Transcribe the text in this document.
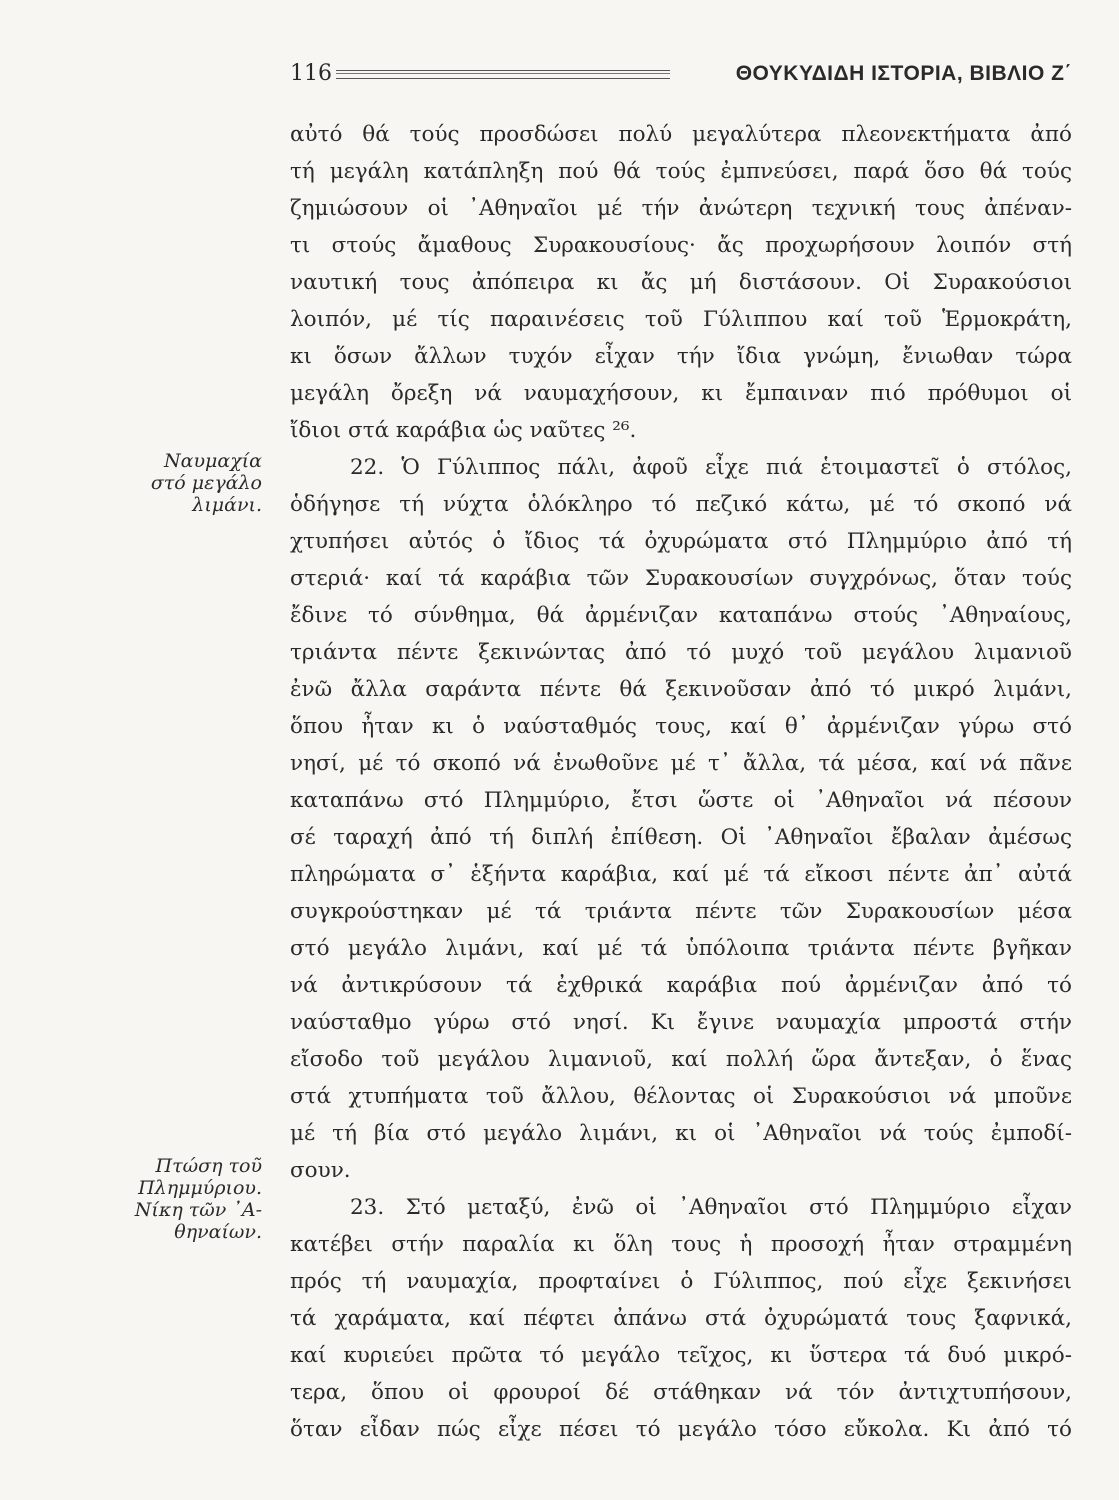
116	ΘΟΥΚΥΔΙΔΗ ΙΣΤΟΡΙΑ, ΒΙΒΛΙΟ Ζ΄
Ναυμαχία
στό μεγάλο
λιμάνι.
Πτώση τοῦ
Πλημμύριου.
Νίκη τῶν ᾽Α-
θηναίων.
αὐτό θά τούς προσδώσει πολύ μεγαλύτερα πλεονεκτήματα ἀπό
τή μεγάλη κατάπληξη πού θά τούς ἐμπνεύσει, παρά ὅσο θά τούς
ζημιώσουν οἱ ᾽Αθηναῖοι μέ τήν ἀνώτερη τεχνική τους ἀπέναν-
τι στούς ἄμαθους Συρακουσίους· ἄς προχωρήσουν λοιπόν στή
ναυτική τους ἀπόπειρα κι ἄς μή διστάσουν. Οἱ Συρακούσιοι
λοιπόν, μέ τίς παραινέσεις τοῦ Γύλιππου καί τοῦ Ἑρμοκράτη,
κι ὅσων ἄλλων τυχόν εἶχαν τήν ἴδια γνώμη, ἔνιωθαν τώρα
μεγάλη ὄρεξη νά ναυμαχήσουν, κι ἔμπαιναν πιό πρόθυμοι οἱ
ἴδιοι στά καράβια ὡς ναῦτες ²⁶.
22. Ὁ Γύλιππος πάλι, ἀφοῦ εἶχε πιά ἑτοιμαστεῖ ὁ στόλος,
ὁδήγησε τή νύχτα ὁλόκληρο τό πεζικό κάτω, μέ τό σκοπό νά
χτυπήσει αὐτός ὁ ἴδιος τά ὀχυρώματα στό Πλημμύριο ἀπό τή
στεριά· καί τά καράβια τῶν Συρακουσίων συγχρόνως, ὅταν τούς
ἔδινε τό σύνθημα, θά ἀρμένιζαν καταπάνω στούς ᾽Αθηναίους,
τριάντα πέντε ξεκινώντας ἀπό τό μυχό τοῦ μεγάλου λιμανιοῦ
ἐνῶ ἄλλα σαράντα πέντε θά ξεκινοῦσαν ἀπό τό μικρό λιμάνι,
ὅπου ἦταν κι ὁ ναύσταθμός τους, καί θ᾽ ἀρμένιζαν γύρω στό
νησί, μέ τό σκοπό νά ἑνωθοῦνε μέ τ᾽ ἄλλα, τά μέσα, καί νά πᾶνε
καταπάνω στό Πλημμύριο, ἔτσι ὥστε οἱ ᾽Αθηναῖοι νά πέσουν
σέ ταραχή ἀπό τή διπλή ἐπίθεση. Οἱ ᾽Αθηναῖοι ἔβαλαν ἀμέσως
πληρώματα σ᾽ ἑξήντα καράβια, καί μέ τά εἴκοσι πέντε ἀπ᾽ αὐτά
συγκρούστηκαν μέ τά τριάντα πέντε τῶν Συρακουσίων μέσα
στό μεγάλο λιμάνι, καί μέ τά ὑπόλοιπα τριάντα πέντε βγῆκαν
νά ἀντικρύσουν τά ἐχθρικά καράβια πού ἀρμένιζαν ἀπό τό
ναύσταθμο γύρω στό νησί. Κι ἔγινε ναυμαχία μπροστά στήν
εἴσοδο τοῦ μεγάλου λιμανιοῦ, καί πολλή ὥρα ἄντεξαν, ὁ ἕνας
στά χτυπήματα τοῦ ἄλλου, θέλοντας οἱ Συρακούσιοι νά μποῦνε
μέ τή βία στό μεγάλο λιμάνι, κι οἱ ᾽Αθηναῖοι νά τούς ἐμποδί-
σουν.
23. Στό μεταξύ, ἐνῶ οἱ ᾽Αθηναῖοι στό Πλημμύριο εἶχαν
κατέβει στήν παραλία κι ὅλη τους ἡ προσοχή ἦταν στραμμένη
πρός τή ναυμαχία, προφταίνει ὁ Γύλιππος, πού εἶχε ξεκινήσει
τά χαράματα, καί πέφτει ἀπάνω στά ὀχυρώματά τους ξαφνικά,
καί κυριεύει πρῶτα τό μεγάλο τεῖχος, κι ὕστερα τά δυό μικρό-
τερα, ὅπου οἱ φρουροί δέ στάθηκαν νά τόν ἀντιχτυπήσουν,
ὅταν εἶδαν πώς εἶχε πέσει τό μεγάλο τόσο εὔκολα. Κι ἀπό τό
